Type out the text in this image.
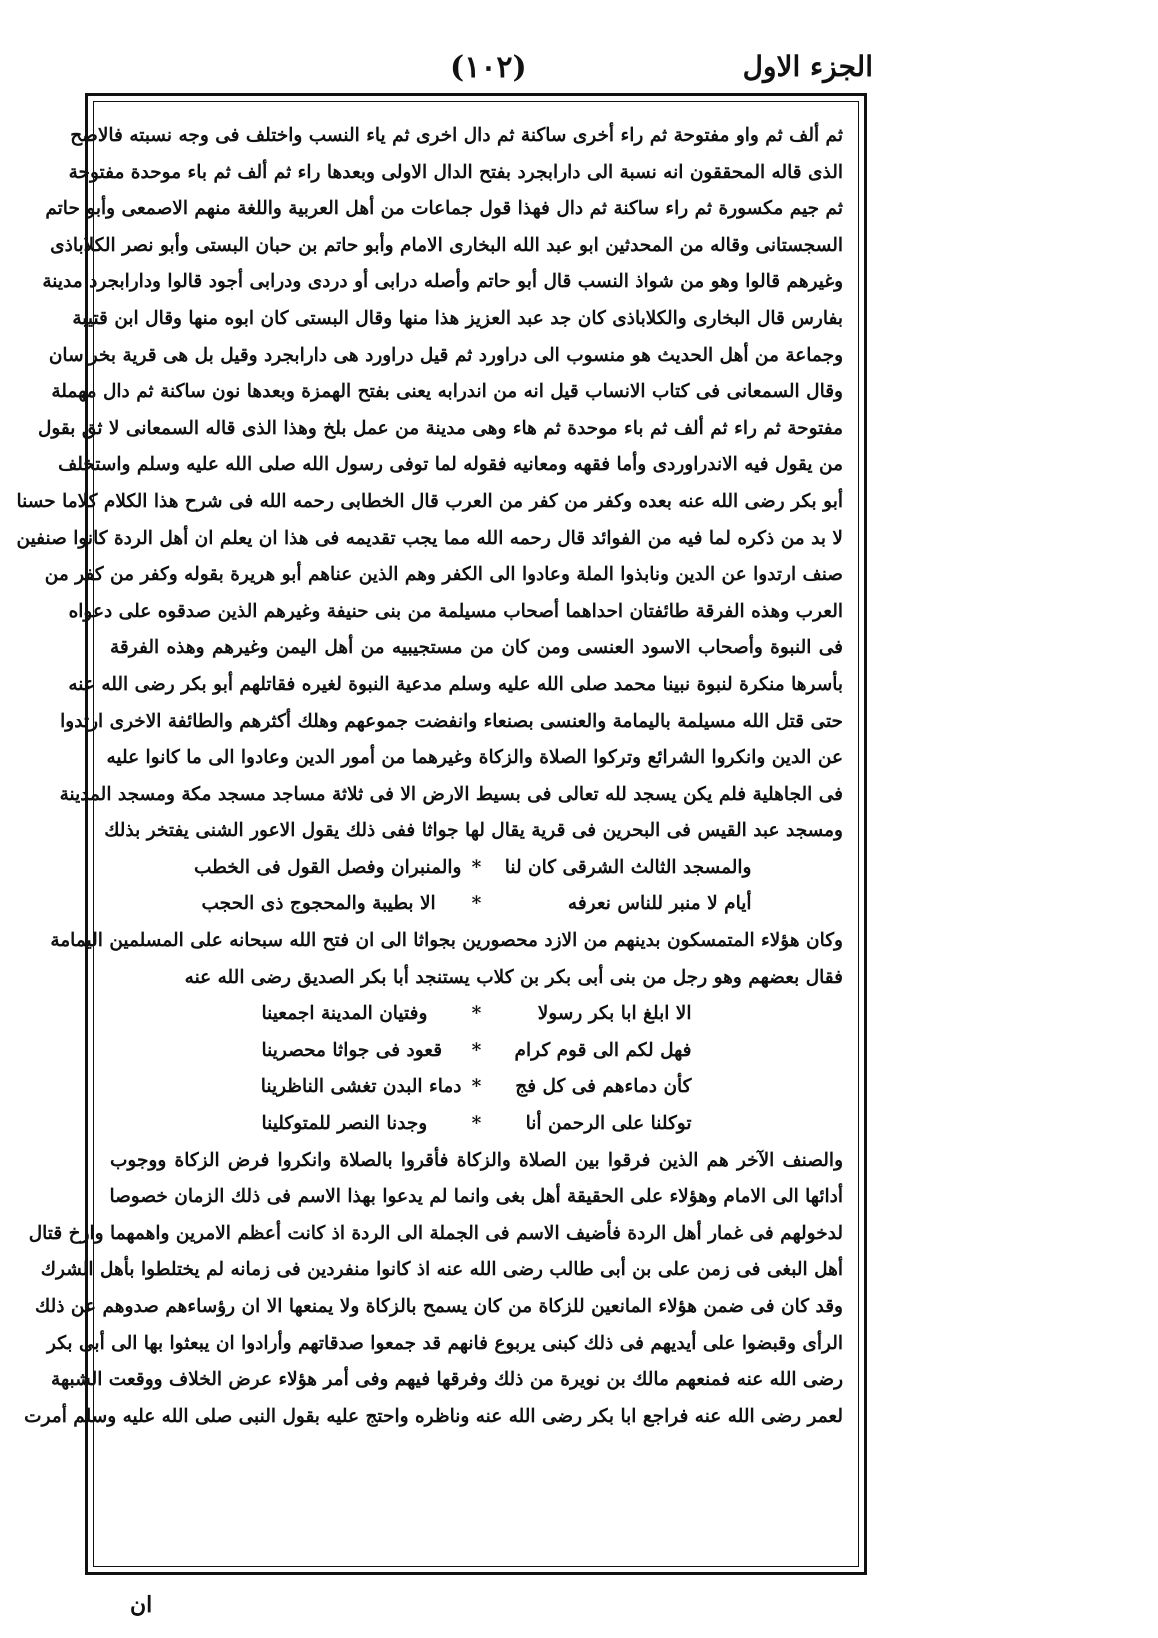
الجزء الاول
(١٠٢)
ثم ألف ثم واو مفتوحة ثم راء أخرى ساكنة ثم دال اخرى ثم ياء النسب واختلف فى وجه نسبته فالاصح
الذى قاله المحققون انه نسبة الى دارابجرد بفتح الدال الاولى وبعدها راء ثم ألف ثم باء موحدة مفتوحة
ثم جيم مكسورة ثم راء ساكنة ثم دال فهذا قول جماعات من أهل العربية واللغة منهم الاصمعى وأبو حاتم
السجستانى وقاله من المحدثين ابو عبد الله البخارى الامام وأبو حاتم بن حبان البستى وأبو نصر الكلاباذى
وغيرهم قالوا وهو من شواذ النسب قال أبو حاتم وأصله درابى أو دردى ودرابى أجود قالوا ودارابجرد مدينة
بفارس قال البخارى والكلاباذى كان جد عبد العزيز هذا منها وقال البستى كان ابوه منها وقال ابن قتيبة
وجماعة من أهل الحديث هو منسوب الى دراورد ثم قيل دراورد هى دارابجرد وقيل بل هى قرية بخراسان
وقال السمعانى فى كتاب الانساب قيل انه من اندرابه يعنى بفتح الهمزة وبعدها نون ساكنة ثم دال مهملة
مفتوحة ثم راء ثم ألف ثم باء موحدة ثم هاء وهى مدينة من عمل بلخ وهذا الذى قاله السمعانى لا ثق بقول
من يقول فيه الاندراوردى وأما فقهه ومعانيه فقوله لما توفى رسول الله صلى الله عليه وسلم واستخلف
أبو بكر رضى الله عنه بعده وكفر من كفر من العرب قال الخطابى رحمه الله فى شرح هذا الكلام كلاما حسنا
لا بد من ذكره لما فيه من الفوائد قال رحمه الله مما يجب تقديمه فى هذا ان يعلم ان أهل الردة كانوا صنفين
صنف ارتدوا عن الدين ونابذوا الملة وعادوا الى الكفر وهم الذين عناهم أبو هريرة بقوله وكفر من كفر من
العرب وهذه الفرقة طائفتان احداهما أصحاب مسيلمة من بنى حنيفة وغيرهم الذين صدقوه على دعواه
فى النبوة وأصحاب الاسود العنسى ومن كان من مستجيبيه من أهل اليمن وغيرهم وهذه الفرقة
بأسرها منكرة لنبوة نبينا محمد صلى الله عليه وسلم مدعية النبوة لغيره فقاتلهم أبو بكر رضى الله عنه
حتى قتل الله مسيلمة باليمامة والعنسى بصنعاء وانفضت جموعهم وهلك أكثرهم والطائفة الاخرى ارتدوا
عن الدين وانكروا الشرائع وتركوا الصلاة والزكاة وغيرهما من أمور الدين وعادوا الى ما كانوا عليه
فى الجاهلية فلم يكن يسجد لله تعالى فى بسيط الارض الا فى ثلاثة مساجد مسجد مكة ومسجد المدينة
ومسجد عبد القيس فى البحرين فى قرية يقال لها جواثا ففى ذلك يقول الاعور الشنى يفتخر بذلك
والمسجد الثالث الشرقى كان لنا
*
والمنبران وفصل القول فى الخطب
أيام لا منبر للناس نعرفه
*
الا بطيبة والمحجوج ذى الحجب
وكان هؤلاء المتمسكون بدينهم من الازد محصورين بجواثا الى ان فتح الله سبحانه على المسلمين اليمامة
فقال بعضهم وهو رجل من بنى أبى بكر بن كلاب يستنجد أبا بكر الصديق رضى الله عنه
الا ابلغ ابا بكر رسولا
*
وفتيان المدينة اجمعينا
فهل لكم الى قوم كرام
*
قعود فى جواثا محصرينا
كأن دماءهم فى كل فج
*
دماء البدن تغشى الناظرينا
توكلنا على الرحمن أنا
*
وجدنا النصر للمتوكلينا
والصنف الآخر هم الذين فرقوا بين الصلاة والزكاة فأقروا بالصلاة وانكروا فرض الزكاة ووجوب
أدائها الى الامام وهؤلاء على الحقيقة أهل بغى وانما لم يدعوا بهذا الاسم فى ذلك الزمان خصوصا
لدخولهم فى غمار أهل الردة فأضيف الاسم فى الجملة الى الردة اذ كانت أعظم الامرين واهمهما وارخ قتال
أهل البغى فى زمن على بن أبى طالب رضى الله عنه اذ كانوا منفردين فى زمانه لم يختلطوا بأهل الشرك
وقد كان فى ضمن هؤلاء المانعين للزكاة من كان يسمح بالزكاة ولا يمنعها الا ان رؤساءهم صدوهم عن ذلك
الرأى وقبضوا على أيديهم فى ذلك كبنى يربوع فانهم قد جمعوا صدقاتهم وأرادوا ان يبعثوا بها الى أبى بكر
رضى الله عنه فمنعهم مالك بن نويرة من ذلك وفرقها فيهم وفى أمر هؤلاء عرض الخلاف ووقعت الشبهة
لعمر رضى الله عنه فراجع ابا بكر رضى الله عنه وناظره واحتج عليه بقول النبى صلى الله عليه وسلم أمرت
ان
